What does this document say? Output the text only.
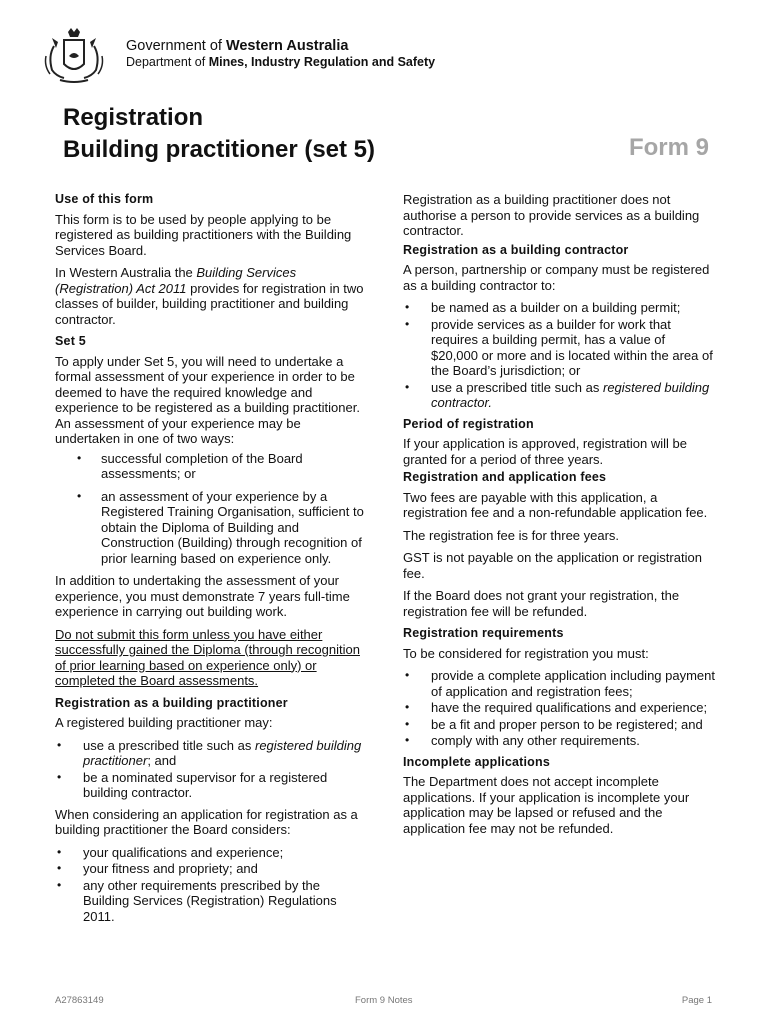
Government of Western Australia
Department of Mines, Industry Regulation and Safety
Registration
Building practitioner (set 5)	Form 9
Use of this form

This form is to be used by people applying to be registered as building practitioners with the Building Services Board.

In Western Australia the Building Services (Registration) Act 2011 provides for registration in two classes of builder, building practitioner and building contractor.

Set 5

To apply under Set 5, you will need to undertake a formal assessment of your experience in order to be deemed to have the required knowledge and experience to be registered as a building practitioner. An assessment of your experience may be undertaken in one of two ways:

• successful completion of the Board assessments; or
• an assessment of your experience by a Registered Training Organisation, sufficient to obtain the Diploma of Building and Construction (Building) through recognition of prior learning based on experience only.

In addition to undertaking the assessment of your experience, you must demonstrate 7 years full-time experience in carrying out building work.

Do not submit this form unless you have either successfully gained the Diploma (through recognition of prior learning based on experience only) or completed the Board assessments.

Registration as a building practitioner

A registered building practitioner may:

• use a prescribed title such as registered building practitioner; and
• be a nominated supervisor for a registered building contractor.

When considering an application for registration as a building practitioner the Board considers:

• your qualifications and experience;
• your fitness and propriety; and
• any other requirements prescribed by the Building Services (Registration) Regulations 2011.

Registration as a building practitioner does not authorise a person to provide services as a building contractor.

Registration as a building contractor

A person, partnership or company must be registered as a building contractor to:

• be named as a builder on a building permit;
• provide services as a builder for work that requires a building permit, has a value of $20,000 or more and is located within the area of the Board’s jurisdiction; or
• use a prescribed title such as registered building contractor.
Period of registration

If your application is approved, registration will be granted for a period of three years.

Registration and application fees

Two fees are payable with this application, a registration fee and a non-refundable application fee.

The registration fee is for three years.

GST is not payable on the application or registration fee.

If the Board does not grant your registration, the registration fee will be refunded.

Registration requirements

To be considered for registration you must:

• provide a complete application including payment of application and registration fees;
• have the required qualifications and experience;
• be a fit and proper person to be registered; and
• comply with any other requirements.
Incomplete applications

The Department does not accept incomplete applications. If your application is incomplete your application may be lapsed or refused and the application fee may not be refunded.

A27863149	Form 9 Notes	Page 1
